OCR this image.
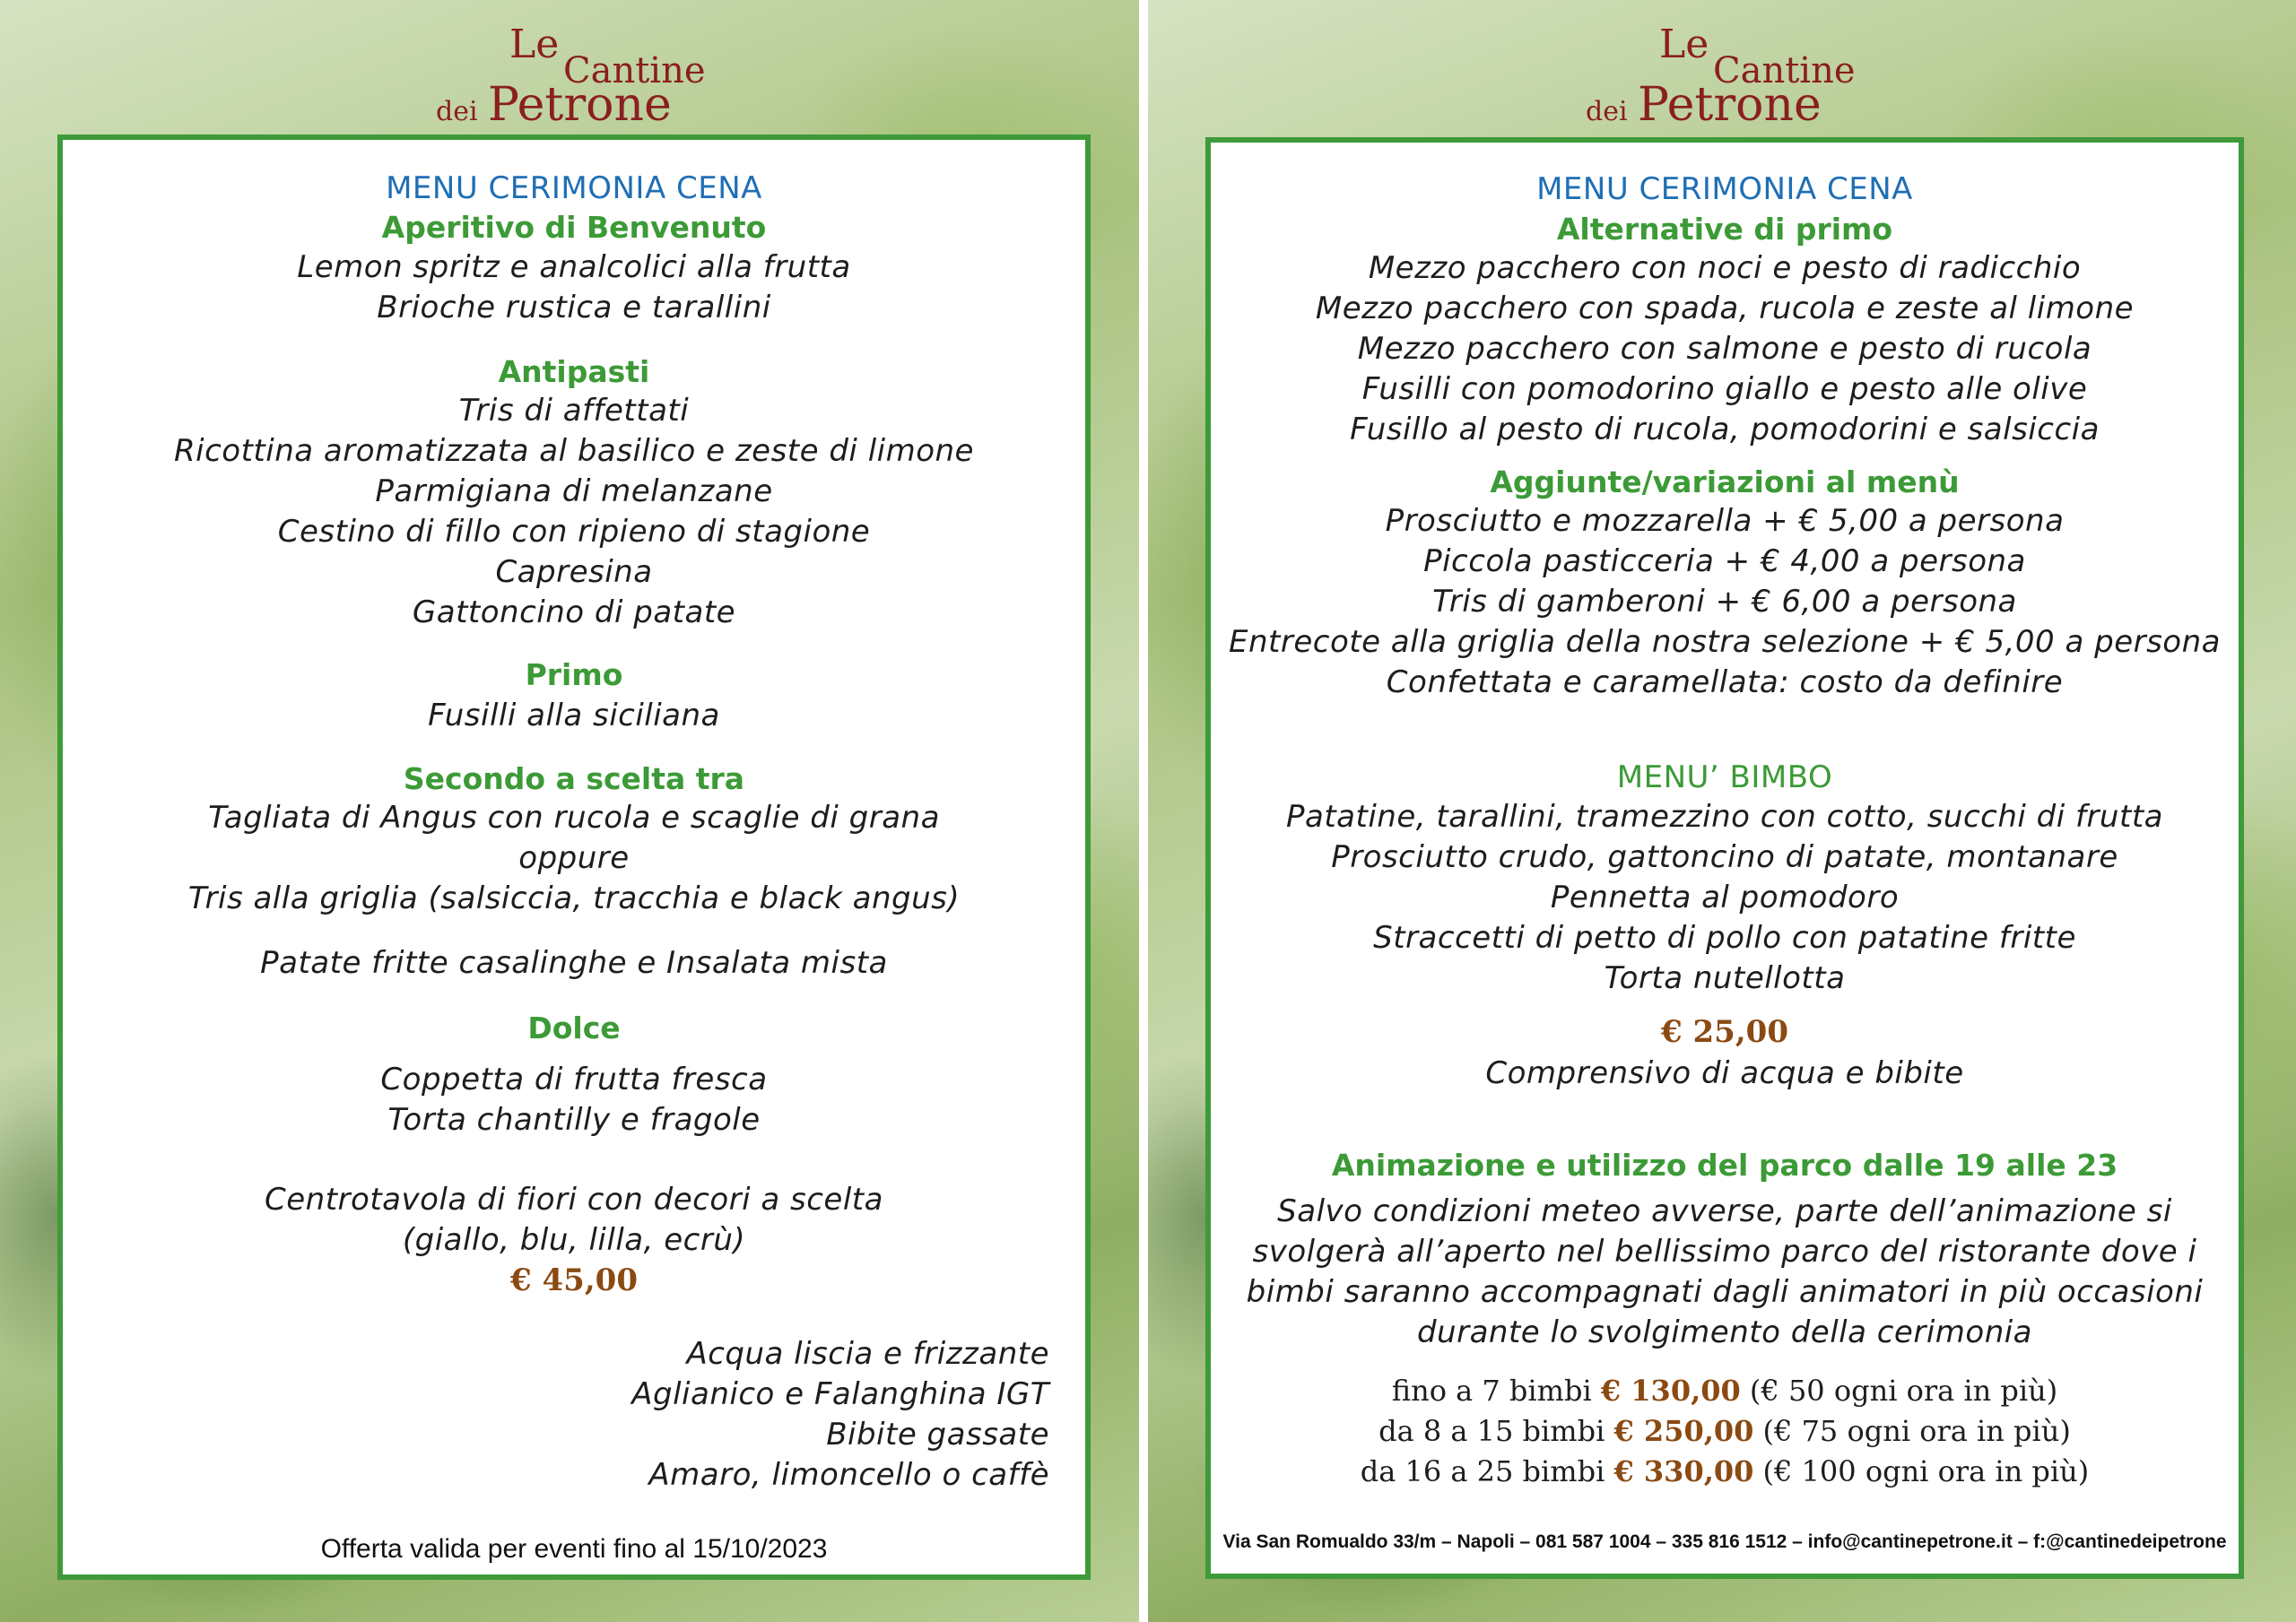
Le
Cantine
dei Petrone
MENU CERIMONIA CENA
Aperitivo di Benvenuto
Lemon spritz e analcolici alla frutta
Brioche rustica e tarallini
Antipasti
Tris di affettati
Ricottina aromatizzata al basilico e zeste di limone
Parmigiana di melanzane
Cestino di fillo con ripieno di stagione
Capresina
Gattoncino di patate
Primo
Fusilli alla siciliana
Secondo a scelta tra
Tagliata di Angus con rucola e scaglie di grana
oppure
Tris alla griglia (salsiccia, tracchia e black angus)
Patate fritte casalinghe e Insalata mista
Dolce
Coppetta di frutta fresca
Torta chantilly e fragole
Centrotavola di fiori con decori a scelta
(giallo, blu, lilla, ecrù)
€ 45,00
Acqua liscia e frizzante
Aglianico e Falanghina IGT
Bibite gassate
Amaro, limoncello o caffè
Offerta valida per eventi fino al 15/10/2023
Le
Cantine
dei Petrone
MENU CERIMONIA CENA
Alternative di primo
Mezzo pacchero con noci e pesto di radicchio
Mezzo pacchero con spada, rucola e zeste al limone
Mezzo pacchero con salmone e pesto di rucola
Fusilli con pomodorino giallo e pesto alle olive
Fusillo al pesto di rucola, pomodorini e salsiccia
Aggiunte/variazioni al menù
Prosciutto e mozzarella + € 5,00 a persona
Piccola pasticceria + € 4,00 a persona
Tris di gamberoni + € 6,00 a persona
Entrecote alla griglia della nostra selezione + € 5,00 a persona
Confettata e caramellata: costo da definire
MENU’ BIMBO
Patatine, tarallini, tramezzino con cotto, succhi di frutta
Prosciutto crudo, gattoncino di patate, montanare
Pennetta al pomodoro
Straccetti di petto di pollo con patatine fritte
Torta nutellotta
€ 25,00
Comprensivo di acqua e bibite
Animazione e utilizzo del parco dalle 19 alle 23
Salvo condizioni meteo avverse, parte dell’animazione si
svolgerà all’aperto nel bellissimo parco del ristorante dove i
bimbi saranno accompagnati dagli animatori in più occasioni
durante lo svolgimento della cerimonia
fino a 7 bimbi € 130,00 (€ 50 ogni ora in più)
da 8 a 15 bimbi € 250,00 (€ 75 ogni ora in più)
da 16 a 25 bimbi € 330,00 (€ 100 ogni ora in più)
Via San Romualdo 33/m – Napoli – 081 587 1004 – 335 816 1512 – info@cantinepetrone.it – f:@cantinedeipetrone
